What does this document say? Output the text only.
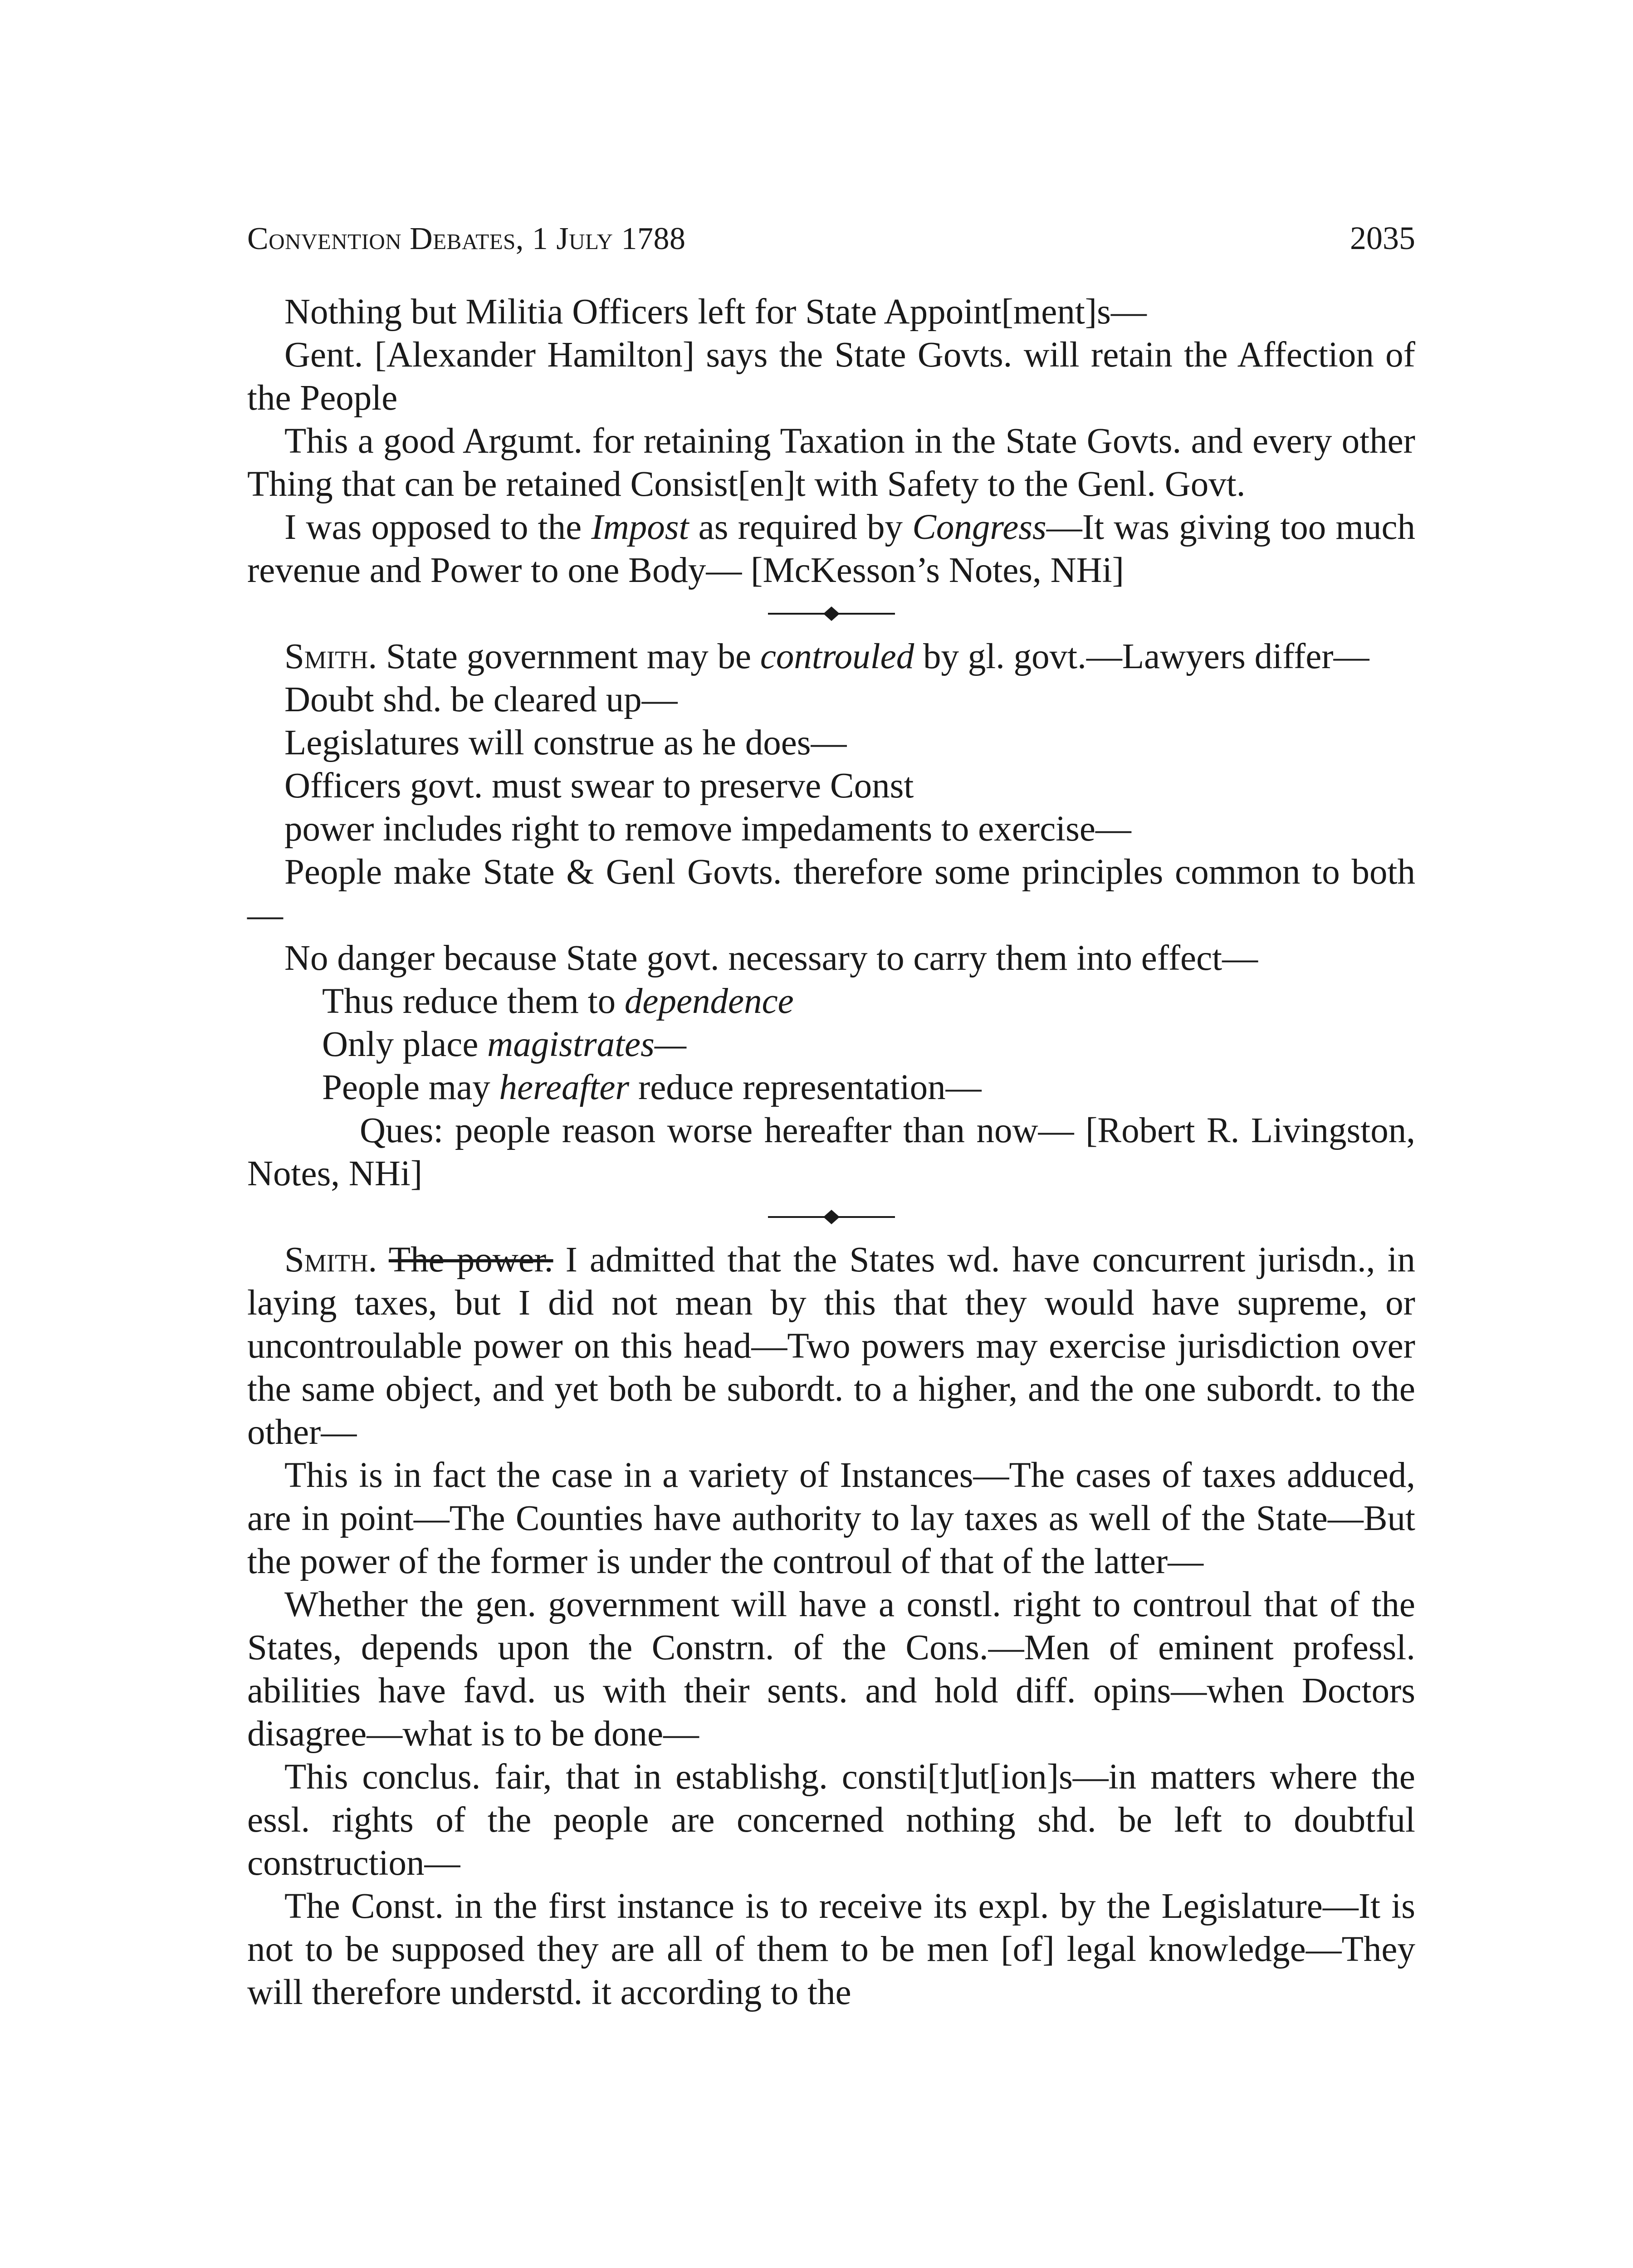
Convention Debates, 1 July 1788	2035

Nothing but Militia Officers left for State Appoint[ment]s—

Gent. [Alexander Hamilton] says the State Govts. will retain the Affection of the People

This a good Argumt. for retaining Taxation in the State Govts. and every other Thing that can be retained Consist[en]t with Safety to the Genl. Govt.

I was opposed to the Impost as required by Congress—It was giving too much revenue and Power to one Body— [McKesson’s Notes, NHi]

Smith. State government may be controuled by gl. govt.—Lawyers differ—

Doubt shd. be cleared up—

Legislatures will construe as he does—

Officers govt. must swear to preserve Const

power includes right to remove impedaments to exercise—

People make State & Genl Govts. therefore some principles common to both—

No danger because State govt. necessary to carry them into effect—

Thus reduce them to dependence

Only place magistrates—

People may hereafter reduce representation—

Ques: people reason worse hereafter than now— [Robert R. Livingston, Notes, NHi]

Smith. The power. I admitted that the States wd. have concurrent jurisdn., in laying taxes, but I did not mean by this that they would have supreme, or uncontroulable power on this head—Two powers may exercise jurisdiction over the same object, and yet both be subordt. to a higher, and the one subordt. to the other—

This is in fact the case in a variety of Instances—The cases of taxes adduced, are in point—The Counties have authority to lay taxes as well of the State—But the power of the former is under the controul of that of the latter—

Whether the gen. government will have a constl. right to controul that of the States, depends upon the Constrn. of the Cons.—Men of eminent professl. abilities have favd. us with their sents. and hold diff. opins—when Doctors disagree—what is to be done—

This conclus. fair, that in establishg. consti[t]ut[ion]s—in matters where the essl. rights of the people are concerned nothing shd. be left to doubtful construction—

The Const. in the first instance is to receive its expl. by the Legislature—It is not to be supposed they are all of them to be men [of] legal knowledge—They will therefore understd. it according to the
